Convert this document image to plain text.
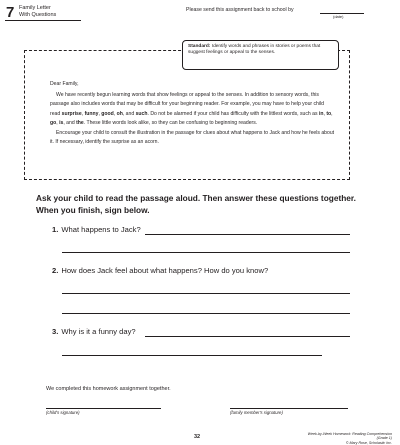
7 Family Letter
With Questions
Please send this assignment back to school by
(date)
Standard: Identify words and phrases in stories or poems that suggest feelings or appeal to the senses.

Dear Family,

We have recently begun learning words that show feelings or appeal to the senses. In addition to sensory words, this passage also includes words that may be difficult for your beginning reader. For example, you may have to help your child read surprise, funny, good, oh, and such. Do not be alarmed if your child has difficulty with the littlest words, such as in, to, go, is, and the. These little words look alike, so they can be confusing to beginning readers.

Encourage your child to consult the illustration in the passage for clues about what happens to Jack and how he feels about it. If necessary, identify the surprise as an acorn.

Ask your child to read the passage aloud. Then answer these questions together. When you finish, sign below.
1. What happens to Jack?
2. How does Jack feel about what happens? How do you know?
3. Why is it a funny day?
We completed this homework assignment together.
(child's signature)	(family member's signature)
32	Week-by-Week Homework: Reading Comprehension (Grade 1)
© Mary Rose, Scholastic Inc.
